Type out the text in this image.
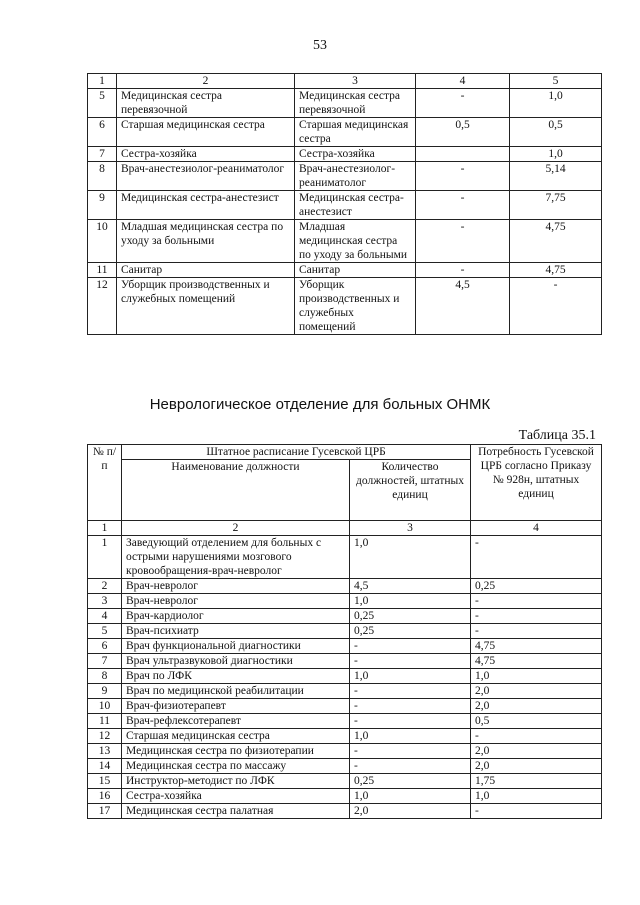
53
1	2	3	4	5
5	Медицинская сестра перевязочной	Медицинская сестра перевязочной	-	1,0
6	Старшая медицинская сестра	Старшая медицинская сестра	0,5	0,5
7	Сестра-хозяйка	Сестра-хозяйка		1,0
8	Врач-анестезиолог-реаниматолог	Врач-анестезиолог-реаниматолог	-	5,14
9	Медицинская сестра-анестезист	Медицинская сестра-анестезист	-	7,75
10	Младшая медицинская сестра по уходу за больными	Младшая медицинская сестра по уходу за больными	-	4,75
11	Санитар	Санитар	-	4,75
12	Уборщик производственных и служебных помещений	Уборщик производственных и служебных помещений	4,5	-
Неврологическое отделение для больных ОНМК
Таблица 35.1
№ п/п	Штатное расписание Гусевской ЦРБ		Потребность Гусевской ЦРБ согласно Приказу № 928н, штатных единиц
	Наименование должности	Количество должностей, штатных единиц	
1	2	3	4
1	Заведующий отделением для больных с острыми нарушениями мозгового кровообращения-врач-невролог	1,0	-
2	Врач-невролог	4,5	0,25
3	Врач-невролог	1,0	-
4	Врач-кардиолог	0,25	-
5	Врач-психиатр	0,25	-
6	Врач функциональной диагностики	-	4,75
7	Врач ультразвуковой диагностики	-	4,75
8	Врач по ЛФК	1,0	1,0
9	Врач по медицинской реабилитации	-	2,0
10	Врач-физиотерапевт	-	2,0
11	Врач-рефлексотерапевт	-	0,5
12	Старшая медицинская сестра	1,0	-
13	Медицинская сестра по физиотерапии	-	2,0
14	Медицинская сестра по массажу	-	2,0
15	Инструктор-методист по ЛФК	0,25	1,75
16	Сестра-хозяйка	1,0	1,0
17	Медицинская сестра палатная	2,0	-
